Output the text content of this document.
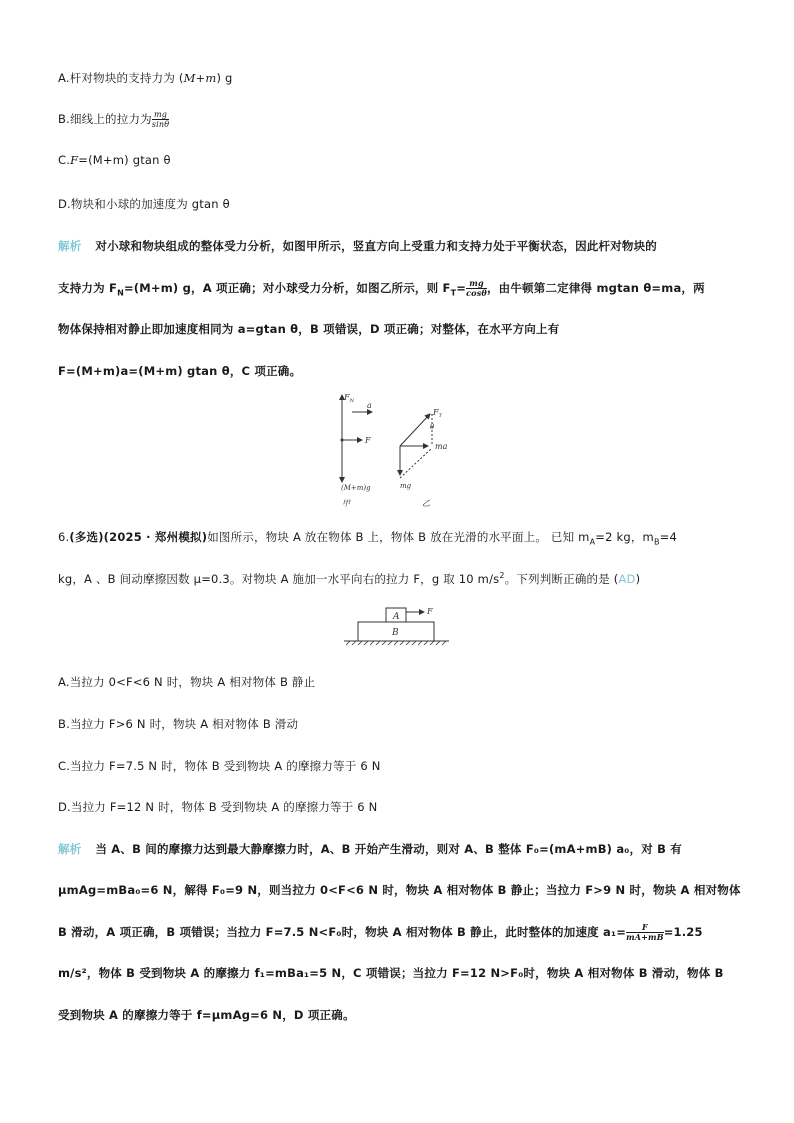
A.杆对物块的支持力为 (M+m) g
B.细线上的拉力为 $\frac{mg}{\sin\theta}$
C.F=(M+m) gtan θ
D.物块和小球的加速度为 gtan θ
解析 对小球和物块组成的整体受力分析，如图甲所示，竖直方向上受重力和支持力处于平衡状态，因此杆对物块的
支持力为 $F_N=(M+m)$ g，A 项正确；对小球受力分析，如图乙所示，则 $F_T= \frac{mg}{\cos\theta}$ ，由牛顿第二定律得 mgtan θ=ma，两
物体保持相对静止即加速度相同为 a=gtan θ，B 项错误，D 项正确；对整体，在水平方向上有
F=(M+m)a=(M+m) gtan θ，C 项正确。
$F_N$ a
F
(M+m)g
甲
$F_T$
θ
ma
mg
乙
6.(多选)(2025 · 郑州模拟)如图所示，物块 A 放在物体 B 上，物体 B 放在光滑的水平面上。 已知 $m_A=2$ kg，$m_B=4$
kg，A 、B 间动摩擦因数 μ=0.3。对物块 A 施加一水平向右的拉力 F，g 取 10 $m/s^2$。下列判断正确的是 (AD)
A
B
F
A.当拉力 0<F<6 N 时，物块 A 相对物体 B 静止
B.当拉力 F>6 N 时，物块 A 相对物体 B 滑动
C.当拉力 F=7.5 N 时，物体 B 受到物块 A 的摩擦力等于 6 N
D.当拉力 F=12 N 时，物体 B 受到物块 A 的摩擦力等于 6 N
解析 当 A、B 间的摩擦力达到最大静摩擦力时，A、B 开始产生滑动，则对 A、B 整体 F₀=(mA+mB) a₀，对 B 有
μmAg=mBa₀=6 N，解得 F₀=9 N，则当拉力 0<F<6 N 时，物块 A 相对物体 B 静止；当拉力 F>9 N 时，物块 A 相对物体
B 滑动，A 项正确，B 项错误；当拉力 F=7.5 N<F₀时，物块 A 相对物体 B 静止，此时整体的加速度 $a_1= \frac{F}{mA+mB} =1.25$
m/s²，物体 B 受到物块 A 的摩擦力 f₁=mBa₁=5 N，C 项错误；当拉力 F=12 N>F₀时，物块 A 相对物体 B 滑动，物体 B
受到物块 A 的摩擦力等于 f=μmAg=6 N，D 项正确。
